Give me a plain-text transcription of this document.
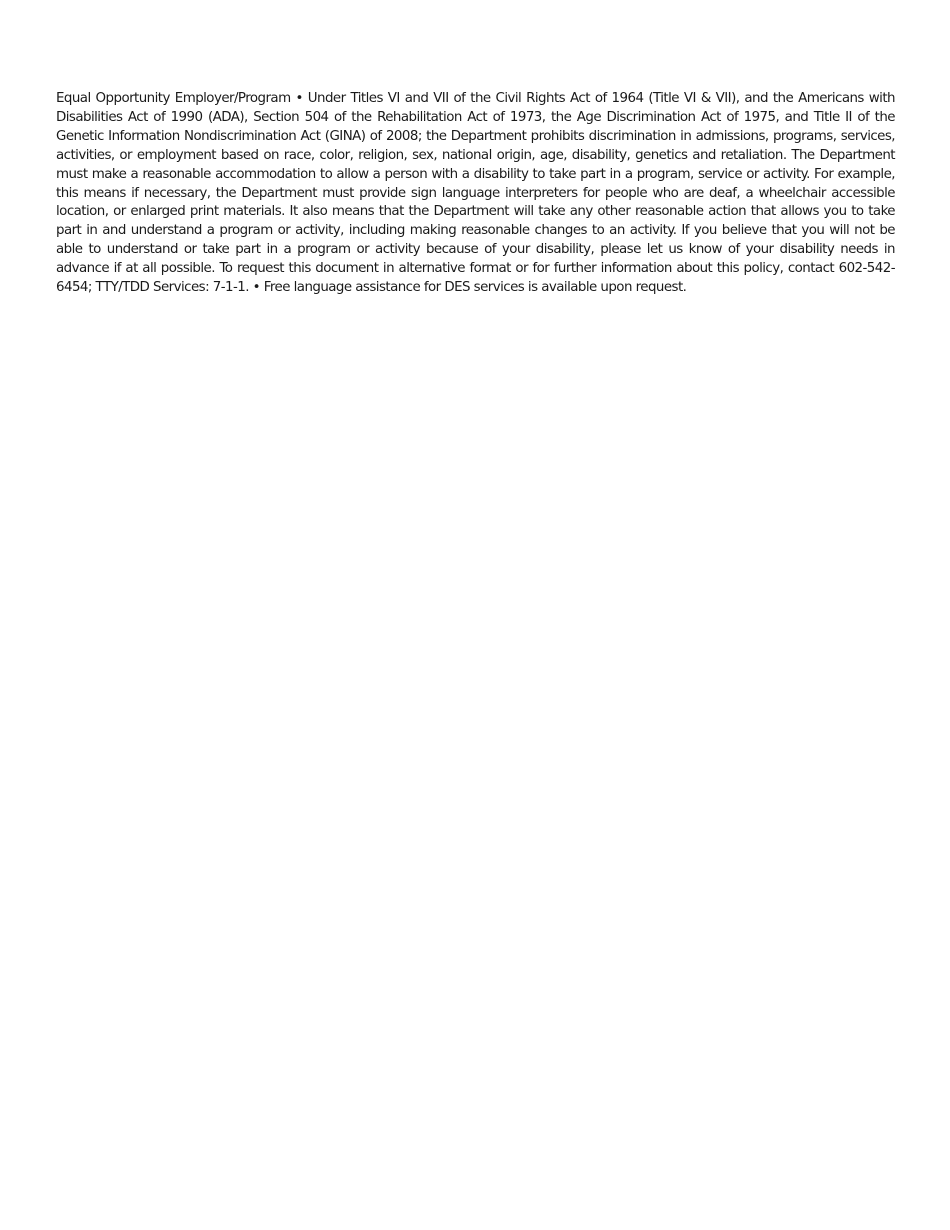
Equal Opportunity Employer/Program • Under Titles VI and VII of the Civil Rights Act of 1964 (Title VI & VII), and the Americans with Disabilities Act of 1990 (ADA), Section 504 of the Rehabilitation Act of 1973, the Age Discrimination Act of 1975, and Title II of the Genetic Information Nondiscrimination Act (GINA) of 2008; the Department prohibits discrimination in admissions, programs, services, activities, or employment based on race, color, religion, sex, national origin, age, disability, genetics and retaliation. The Department must make a reasonable accommodation to allow a person with a disability to take part in a program, service or activity. For example, this means if necessary, the Department must provide sign language interpreters for people who are deaf, a wheelchair accessible location, or enlarged print materials. It also means that the Department will take any other reasonable action that allows you to take part in and understand a program or activity, including making reasonable changes to an activity. If you believe that you will not be able to understand or take part in a program or activity because of your disability, please let us know of your disability needs in advance if at all possible. To request this document in alternative format or for further information about this policy, contact 602-542-6454; TTY/TDD Services: 7-1-1. • Free language assistance for DES services is available upon request.
